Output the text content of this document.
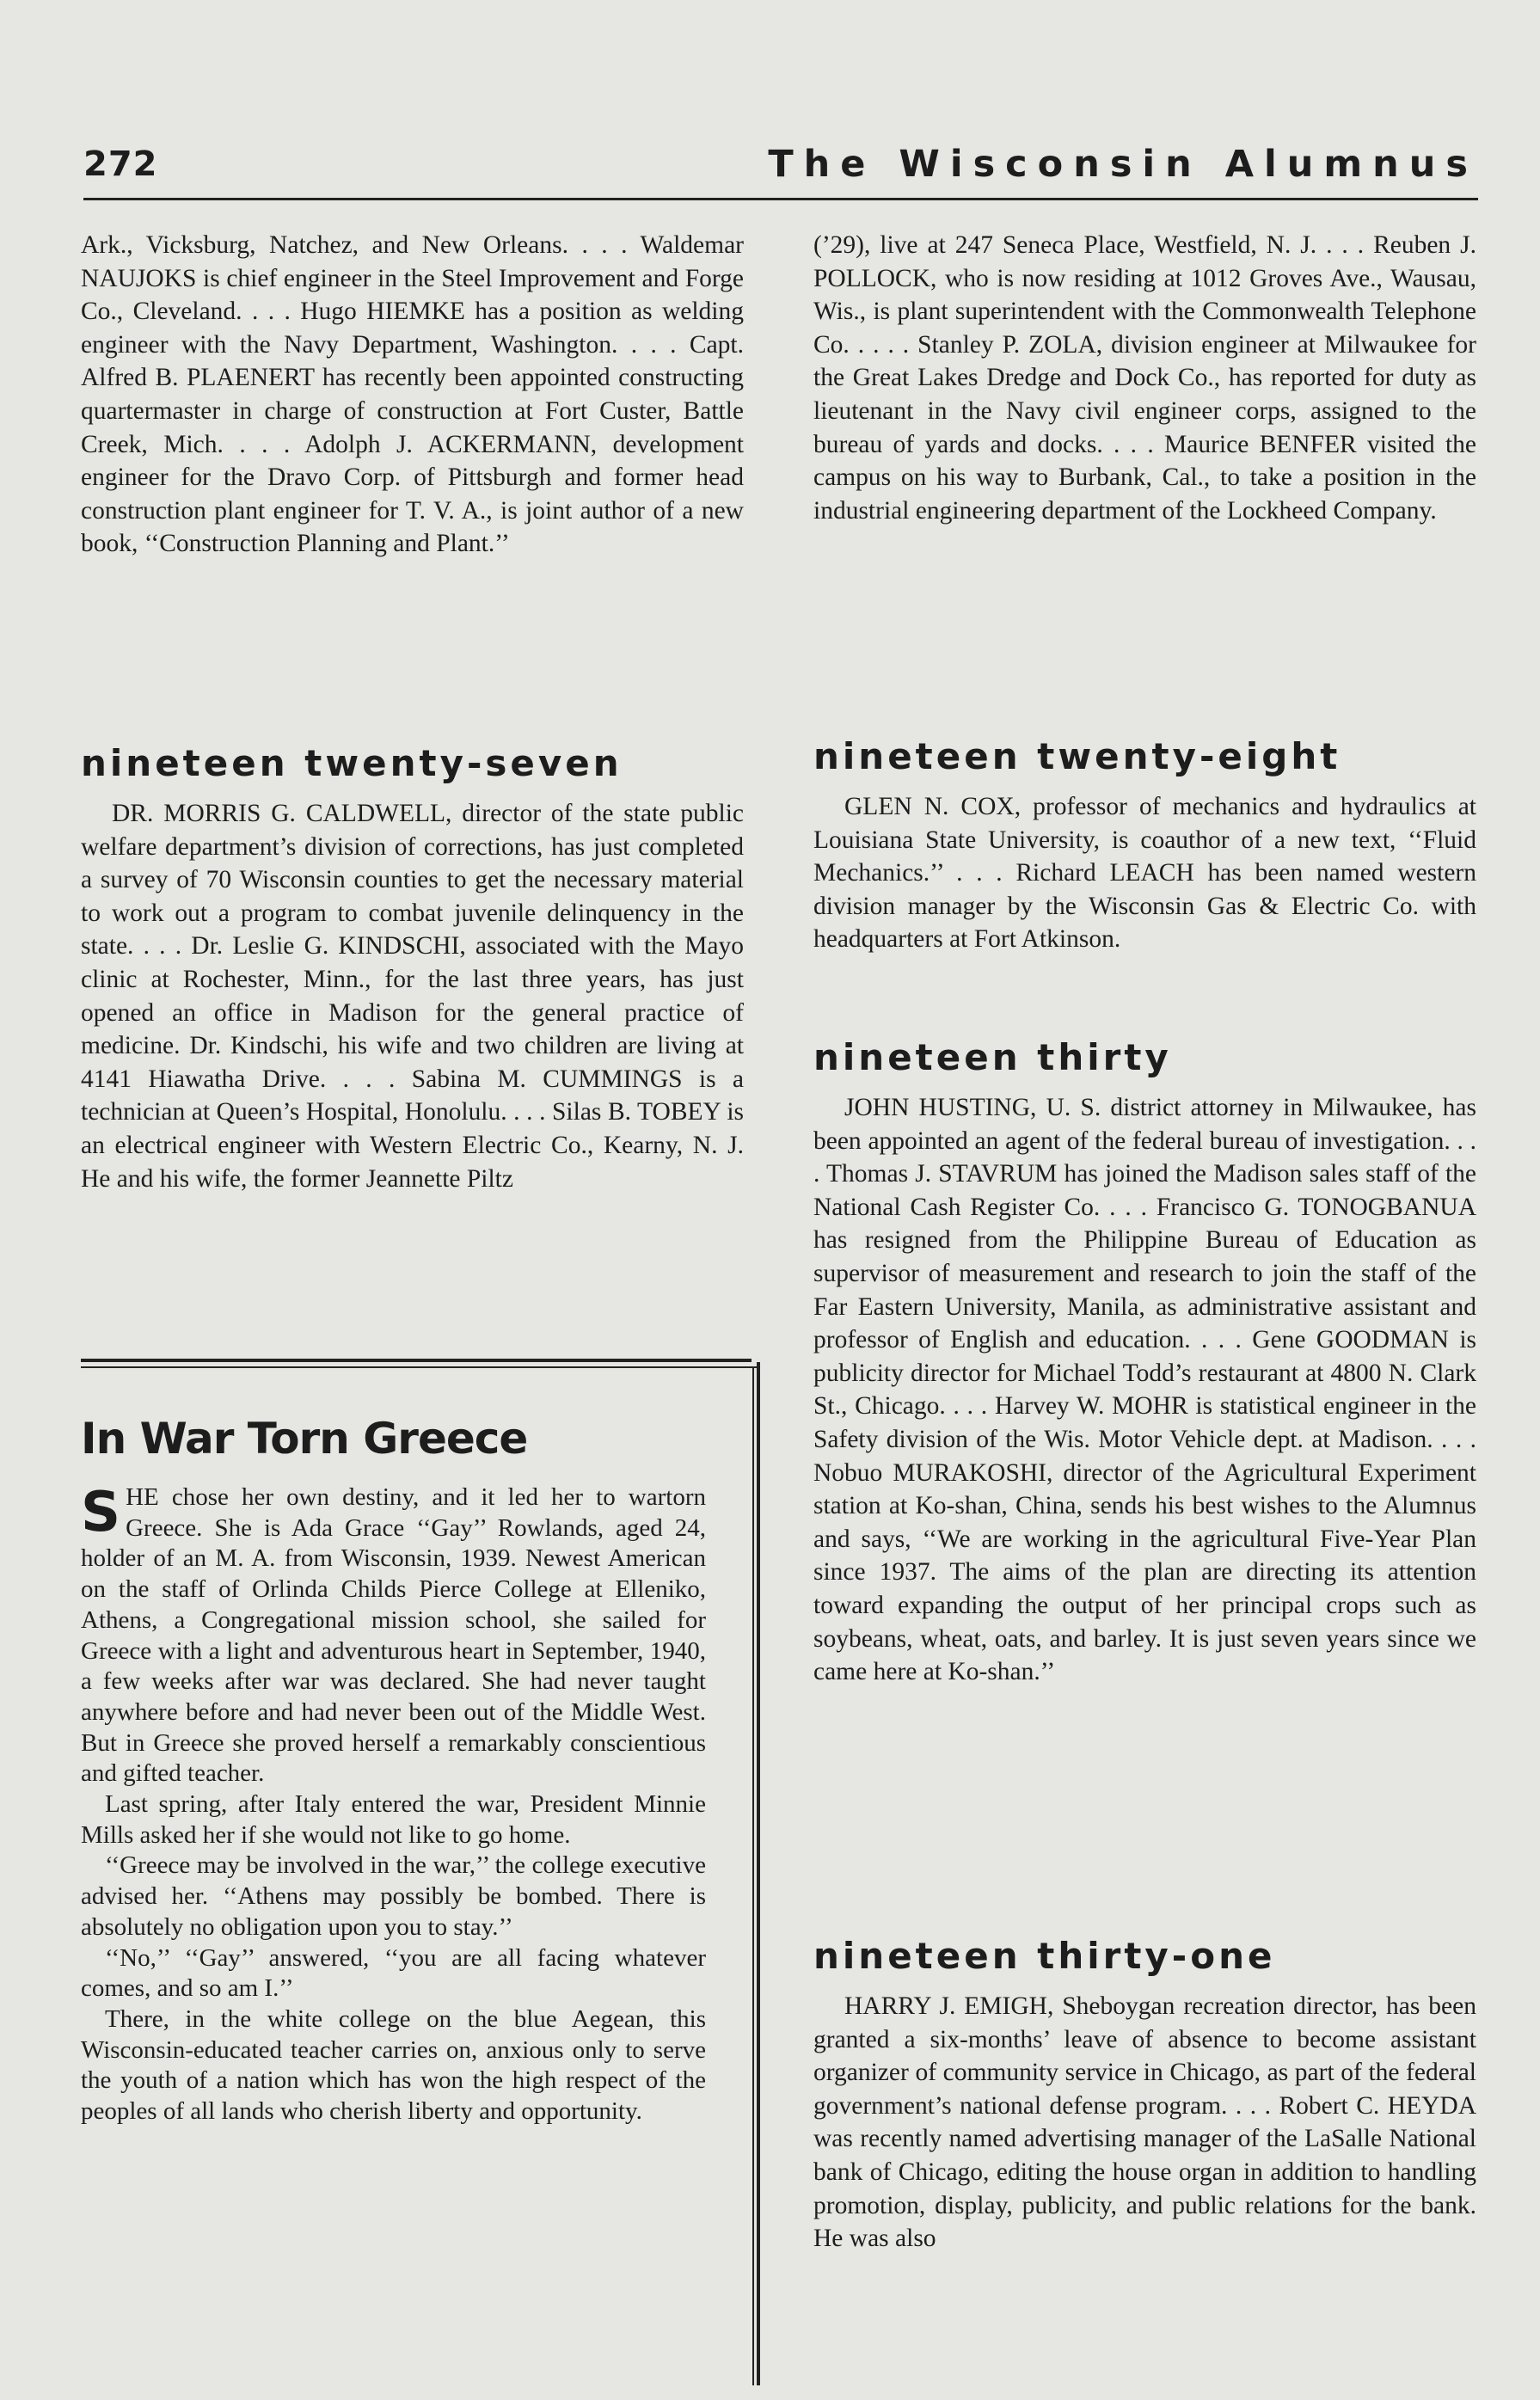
272	The Wisconsin Alumnus

Ark., Vicksburg, Natchez, and New Orleans. . . . Waldemar NAUJOKS is chief engineer in the Steel Improvement and Forge Co., Cleveland. . . . Hugo HIEMKE has a position as welding engineer with the Navy Department, Washington. . . . Capt. Alfred B. PLAENERT has recently been appointed constructing quartermaster in charge of construction at Fort Custer, Battle Creek, Mich. . . . Adolph J. ACKERMANN, development engineer for the Dravo Corp. of Pittsburgh and former head construction plant engineer for T. V. A., is joint author of a new book, ‘‘Construction Planning and Plant.’’

nineteen twenty-seven

DR. MORRIS G. CALDWELL, director of the state public welfare department’s division of corrections, has just completed a survey of 70 Wisconsin counties to get the necessary material to work out a program to combat juvenile delinquency in the state. . . . Dr. Leslie G. KINDSCHI, associated with the Mayo clinic at Rochester, Minn., for the last three years, has just opened an office in Madison for the general practice of medicine. Dr. Kindschi, his wife and two children are living at 4141 Hiawatha Drive. . . . Sabina M. CUMMINGS is a technician at Queen’s Hospital, Honolulu. . . . Silas B. TOBEY is an electrical engineer with Western Electric Co., Kearny, N. J. He and his wife, the former Jeannette Piltz

In War Torn Greece

SHE chose her own destiny, and it led her to wartorn Greece. She is Ada Grace ‘‘Gay’’ Rowlands, aged 24, holder of an M. A. from Wisconsin, 1939. Newest American on the staff of Orlinda Childs Pierce College at Elleniko, Athens, a Congregational mission school, she sailed for Greece with a light and adventurous heart in September, 1940, a few weeks after war was declared. She had never taught anywhere before and had never been out of the Middle West. But in Greece she proved herself a remarkably conscientious and gifted teacher.

Last spring, after Italy entered the war, President Minnie Mills asked her if she would not like to go home.

‘‘Greece may be involved in the war,’’ the college executive advised her. ‘‘Athens may possibly be bombed. There is absolutely no obligation upon you to stay.’’

‘‘No,’’ ‘‘Gay’’ answered, ‘‘you are all facing whatever comes, and so am I.’’

There, in the white college on the blue Aegean, this Wisconsin-educated teacher carries on, anxious only to serve the youth of a nation which has won the high respect of the peoples of all lands who cherish liberty and opportunity.

(’29), live at 247 Seneca Place, Westfield, N. J. . . . Reuben J. POLLOCK, who is now residing at 1012 Groves Ave., Wausau, Wis., is plant superintendent with the Commonwealth Telephone Co. . . . . Stanley P. ZOLA, division engineer at Milwaukee for the Great Lakes Dredge and Dock Co., has reported for duty as lieutenant in the Navy civil engineer corps, assigned to the bureau of yards and docks. . . . Maurice BENFER visited the campus on his way to Burbank, Cal., to take a position in the industrial engineering department of the Lockheed Company.

nineteen twenty-eight

GLEN N. COX, professor of mechanics and hydraulics at Louisiana State University, is coauthor of a new text, ‘‘Fluid Mechanics.’’ . . . Richard LEACH has been named western division manager by the Wisconsin Gas & Electric Co. with headquarters at Fort Atkinson.

nineteen thirty

JOHN HUSTING, U. S. district attorney in Milwaukee, has been appointed an agent of the federal bureau of investigation. . . . Thomas J. STAVRUM has joined the Madison sales staff of the National Cash Register Co. . . . Francisco G. TONOGBANUA has resigned from the Philippine Bureau of Education as supervisor of measurement and research to join the staff of the Far Eastern University, Manila, as administrative assistant and professor of English and education. . . . Gene GOODMAN is publicity director for Michael Todd’s restaurant at 4800 N. Clark St., Chicago. . . . Harvey W. MOHR is statistical engineer in the Safety division of the Wis. Motor Vehicle dept. at Madison. . . . Nobuo MURAKOSHI, director of the Agricultural Experiment station at Ko-shan, China, sends his best wishes to the Alumnus and says, ‘‘We are working in the agricultural Five-Year Plan since 1937. The aims of the plan are directing its attention toward expanding the output of her principal crops such as soybeans, wheat, oats, and barley. It is just seven years since we came here at Ko-shan.’’

nineteen thirty-one

HARRY J. EMIGH, Sheboygan recreation director, has been granted a six-months’ leave of absence to become assistant organizer of community service in Chicago, as part of the federal government’s national defense program. . . . Robert C. HEYDA was recently named advertising manager of the LaSalle National bank of Chicago, editing the house organ in addition to handling promotion, display, publicity, and public relations for the bank. He was also
